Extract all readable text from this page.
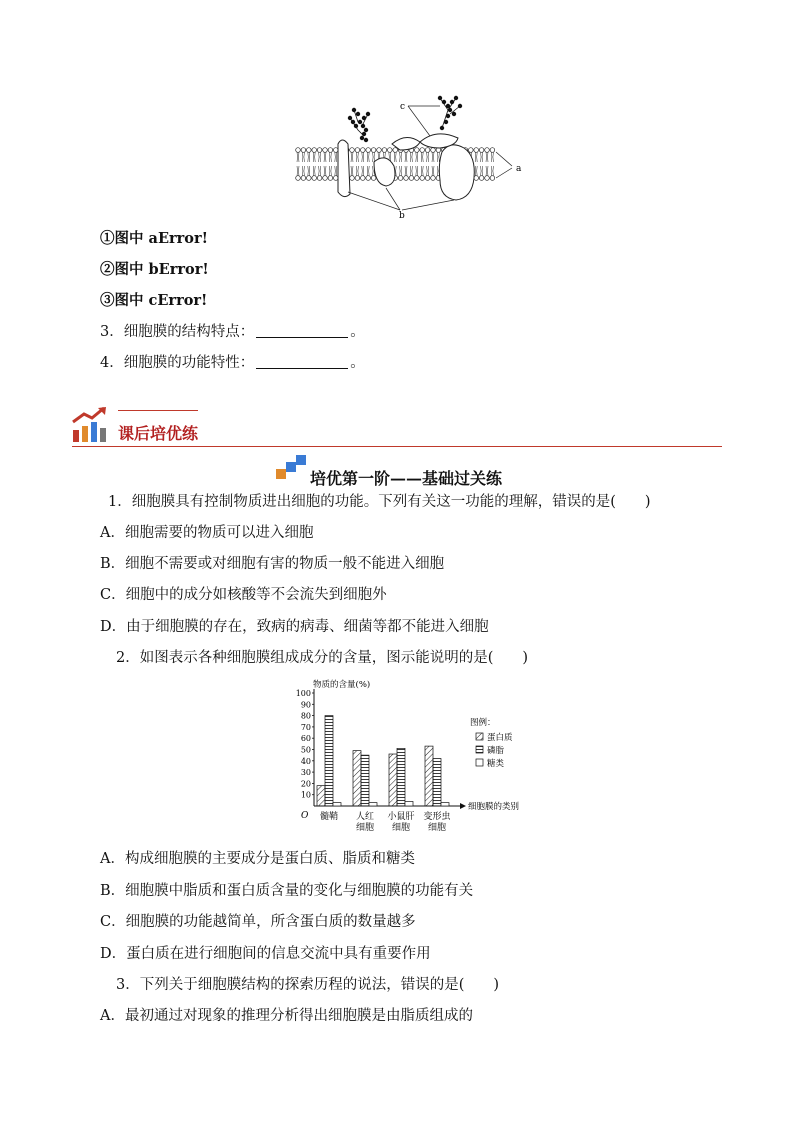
a
b
c
①图中 aError!
②图中 bError!
③图中 cError!
3．细胞膜的结构特点：	。
4．细胞膜的功能特性：	。
课后培优练
培优第一阶——基础过关练
1．细胞膜具有控制物质进出细胞的功能。下列有关这一功能的理解，错误的是(　　)
A．细胞需要的物质可以进入细胞
B．细胞不需要或对细胞有害的物质一般不能进入细胞
C．细胞中的成分如核酸等不会流失到细胞外
D．由于细胞膜的存在，致病的病毒、细菌等都不能进入细胞
2．如图表示各种细胞膜组成成分的含量，图示能说明的是(　　)
物质的含量(%)
细胞膜的类别
O
10
20
30
40
50
60
70
80
90
100
髓鞘 人红
细胞
小鼠肝
细胞
变形虫
细胞
图例：
蛋白质
磷脂
糖类
A．构成细胞膜的主要成分是蛋白质、脂质和糖类
B．细胞膜中脂质和蛋白质含量的变化与细胞膜的功能有关
C．细胞膜的功能越简单，所含蛋白质的数量越多
D．蛋白质在进行细胞间的信息交流中具有重要作用
3．下列关于细胞膜结构的探索历程的说法，错误的是(　　)
A．最初通过对现象的推理分析得出细胞膜是由脂质组成的
